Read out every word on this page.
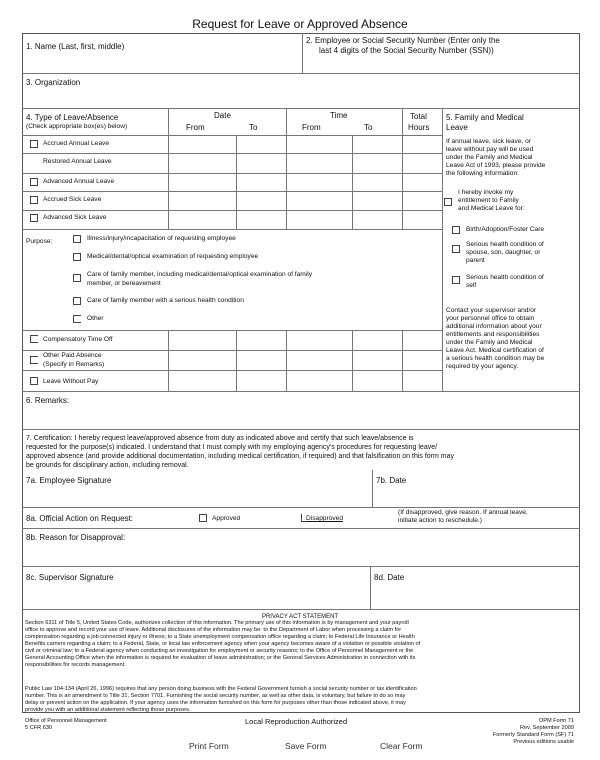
Request for Leave or Approved Absence
1. Name (Last, first, middle)
2. Employee or Social Security Number (Enter only the
last 4 digits of the Social Security Number (SSN))
3. Organization
4. Type of Leave/Absence
(Check appropriate box(es) below)
Date
From	To
Time
From	To
Total
Hours
5. Family and Medical
Leave
Accrued Annual Leave
Restored Annual Leave
Advanced Annual Leave
Accrued Sick Leave
Advanced Sick Leave
Purpose:	Illness/injury/incapacitation of requesting employee
Medical/dental/optical examination of requesting employee
Care of family member, including medical/dental/optical examination of family
member, or bereavement
Care of family member with a serious health condition
Other
Compensatory Time Off
Other Paid Absence
(Specify in Remarks)
Leave Without Pay
If annual leave, sick leave, or
leave without pay will be used
under the Family and Medical
Leave Act of 1993, please provide
the following information:
I hereby invoke my
entitlement to Family
and Medical Leave for:
Birth/Adoption/Foster Care
Serious health condition of
spouse, son, daughter, or
parent
Serious health condition of
self
Contact your supervisor and/or
your personnel office to obtain
additional information about your
entitlements and responsibilities
under the Family and Medical
Leave Act. Medical certification of
a serious health condition may be
required by your agency.
6. Remarks:
7. Certification: I hereby request leave/approved absence from duty as indicated above and certify that such leave/absence is
requested for the purpose(s) indicated. I understand that I must comply with my employing agency's procedures for requesting leave/
approved absence (and provide additional documentation, including medical certification, if required) and that falsification on this form may
be grounds for disciplinary action, including removal.
7a. Employee Signature	7b. Date
8a. Official Action on Request:	Approved	Disapproved
(If disapproved, give reason. If annual leave,
initiate action to reschedule.)
8b. Reason for Disapproval:
8c. Supervisor Signature	8d. Date
PRIVACY ACT STATEMENT
Section 6311 of Title 5, United States Code, authorizes collection of this information. The primary use of this information is by management and your payroll
office to approve and record your use of leave. Additional disclosures of the information may be: to the Department of Labor when processing a claim for
compensation regarding a job connected injury or illness; to a State unemployment compensation office regarding a claim; to Federal Life Insurance or Health
Benefits carriers regarding a claim; to a Federal, State, or local law enforcement agency when your agency becomes aware of a violation or possible violation of
civil or criminal law; to a Federal agency when conducting an investigation for employment or security reasons; to the Office of Personnel Management or the
General Accounting Office when the information is required for evaluation of leave administration; or the General Services Administration in connection with its
responsibilities for records management.
Public Law 104-134 (April 26, 1996) requires that any person doing business with the Federal Government furnish a social security number or tax identification
number. This is an amendment to Title 31, Section 7701. Furnishing the social security number, as well as other data, is voluntary, but failure to do so may
delay or prevent action on the application. If your agency uses the information furnished on this form for purposes other than those indicated above, it may
provide you with an additional statement reflecting those purposes.
Office of Personnel Management
5 CFR 630
Local Reproduction Authorized	OPM Form 71
Rev. September 2009
Formerly Standard Form (SF) 71
Previous editions usable
Print Form	Save Form	Clear Form
